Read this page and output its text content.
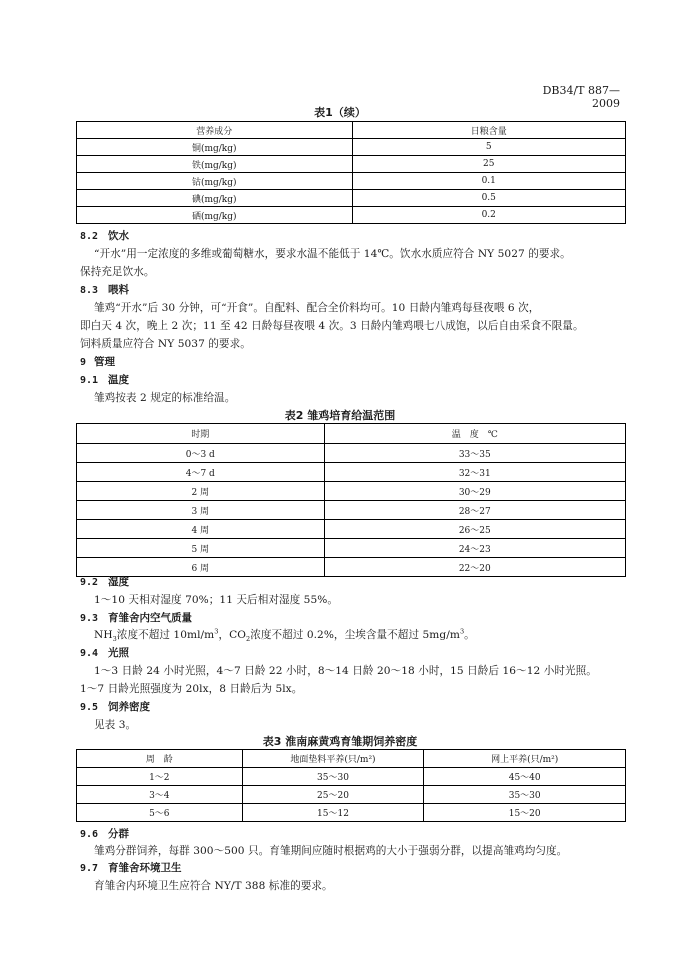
DB34/T 887—2009
表1（续）
营养成分	日粮含量
铜(mg/kg)	5
铁(mg/kg)	25
钴(mg/kg)	0.1
碘(mg/kg)	0.5
硒(mg/kg)	0.2
8.2 饮水
“开水”用一定浓度的多维或葡萄糖水，要求水温不能低于 14℃。饮水水质应符合 NY 5027 的要求。
保持充足饮水。
8.3 喂料
雏鸡“开水”后 30 分钟，可“开食”。自配料、配合全价料均可。10 日龄内雏鸡每昼夜喂 6 次，
即白天 4 次，晚上 2 次；11 至 42 日龄每昼夜喂 4 次。3 日龄内雏鸡喂七八成饱，以后自由采食不限量。
饲料质量应符合 NY 5037 的要求。
9 管理
9.1 温度
雏鸡按表 2 规定的标准给温。
表2 雏鸡培育给温范围
时期	温　度　℃
0～3 d	33～35
4～7 d	32～31
2 周	30～29
3 周	28～27
4 周	26～25
5 周	24～23
6 周	22～20
9.2 湿度
1～10 天相对湿度 70%；11 天后相对湿度 55%。
9.3 育雏舍内空气质量
$NH_3$浓度不超过 $10ml/m^3$，$CO_2$浓度不超过 0.2%，尘埃含量不超过 $5mg/m^3$。
9.4 光照
1～3 日龄 24 小时光照，4～7 日龄 22 小时，8～14 日龄 20～18 小时，15 日龄后 16～12 小时光照。
1～7 日龄光照强度为 20lx，8 日龄后为 5lx。
9.5 饲养密度
见表 3。
表3 淮南麻黄鸡育雏期饲养密度
周　龄	地面垫料平养(只/m²)	网上平养(只/m²)
1～2	35～30	45～40
3～4	25～20	35～30
5～6	15～12	15～20
9.6 分群
雏鸡分群饲养，每群 300～500 只。育雏期间应随时根据鸡的大小于强弱分群，以提高雏鸡均匀度。
9.7 育雏舍环境卫生
育雏舍内环境卫生应符合 NY/T 388 标准的要求。
